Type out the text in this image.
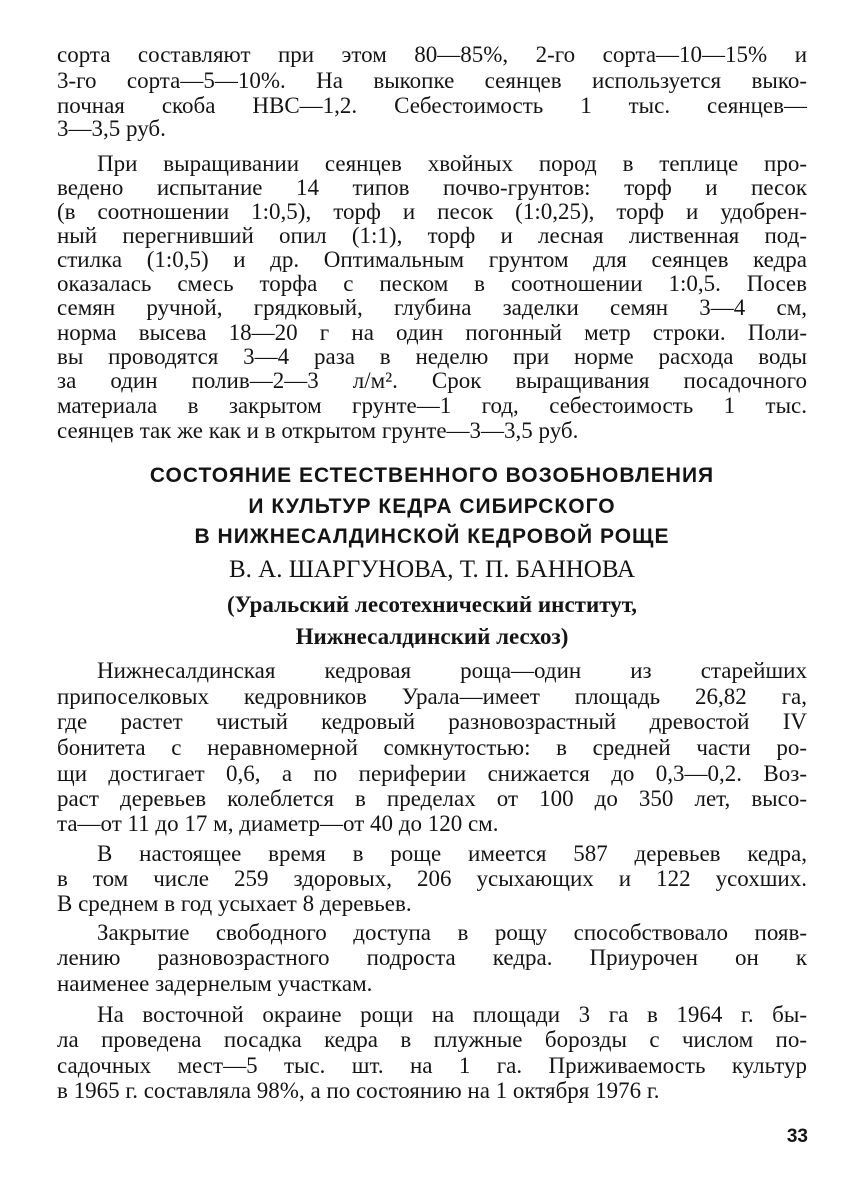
СОСТОЯНИЕ ЕСТЕСТВЕННОГО ВОЗОБНОВЛЕНИЯ
И КУЛЬТУР КЕДРА СИБИРСКОГО
В НИЖНЕСАЛДИНСКОЙ КЕДРОВОЙ РОЩЕ
В. А. ШАРГУНОВА, Т. П. БАННОВА
(Уральский лесотехнический институт,
Нижнесалдинский лесхоз)
33
сорта составляют при этом 80—85%, 2-го сорта—10—15% и
3-го сорта—5—10%. На выкопке сеянцев используется выко-
почная скоба НВС—1,2. Себестоимость 1 тыс. сеянцев—
3—3,5 руб.
При выращивании сеянцев хвойных пород в теплице про-
ведено испытание 14 типов почво-грунтов: торф и песок
(в соотношении 1:0,5), торф и песок (1:0,25), торф и удобрен-
ный перегнивший опил (1:1), торф и лесная лиственная под-
стилка (1:0,5) и др. Оптимальным грунтом для сеянцев кедра
оказалась смесь торфа с песком в соотношении 1:0,5. Посев
семян ручной, грядковый, глубина заделки семян 3—4 см,
норма высева 18—20 г на один погонный метр строки. Поли-
вы проводятся 3—4 раза в неделю при норме расхода воды
за один полив—2—3 л/м². Срок выращивания посадочного
материала в закрытом грунте—1 год, себестоимость 1 тыс.
сеянцев так же как и в открытом грунте—3—3,5 руб.
Нижнесалдинская кедровая роща—один из старейших
припоселковых кедровников Урала—имеет площадь 26,82 га,
где растет чистый кедровый разновозрастный древостой IV
бонитета с неравномерной сомкнутостью: в средней части ро-
щи достигает 0,6, а по периферии снижается до 0,3—0,2. Воз-
раст деревьев колеблется в пределах от 100 до 350 лет, высо-
та—от 11 до 17 м, диаметр—от 40 до 120 см.
В настоящее время в роще имеется 587 деревьев кедра,
в том числе 259 здоровых, 206 усыхающих и 122 усохших.
В среднем в год усыхает 8 деревьев.
Закрытие свободного доступа в рощу способствовало появ-
лению разновозрастного подроста кедра. Приурочен он к
наименее задернелым участкам.
На восточной окраине рощи на площади 3 га в 1964 г. бы-
ла проведена посадка кедра в плужные борозды с числом по-
садочных мест—5 тыс. шт. на 1 га. Приживаемость культур
в 1965 г. составляла 98%, а по состоянию на 1 октября 1976 г.
